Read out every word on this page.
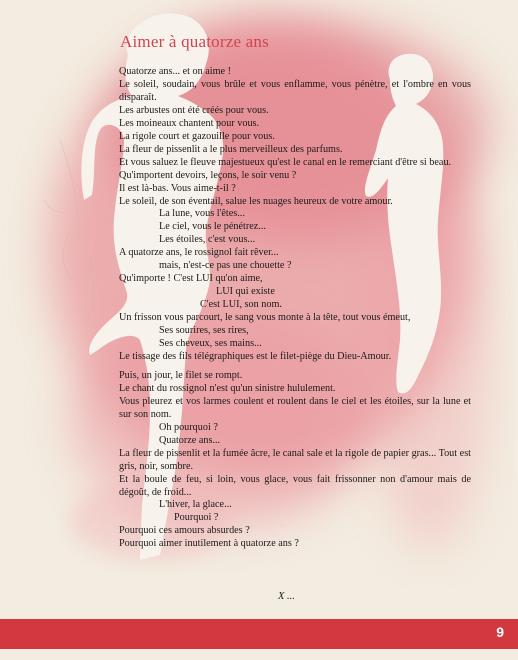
Aimer à quatorze ans
Quatorze ans... et on aime !
Le soleil, soudain, vous brûle et vous enflamme, vous pénètre, et l'ombre en vous disparaît.
Les arbustes ont été créés pour vous.
Les moineaux chantent pour vous.
La rigole court et gazouille pour vous.
La fleur de pissenlit a le plus merveilleux des parfums.
Et vous saluez le fleuve majestueux qu'est le canal en le remerciant d'être si beau.
Qu'importent devoirs, leçons, le soir venu ?
Il est là-bas. Vous aime-t-il ?
Le soleil, de son éventail, salue les nuages heureux de votre amour.
La lune, vous l'êtes...
Le ciel, vous le pénétrez...
Les étoiles, c'est vous...
A quatorze ans, le rossignol fait rêver...
mais, n'est-ce pas une chouette ?
Qu'importe ! C'est LUI qu'on aime,
LUI qui existe
C'est LUI, son nom.
Un frisson vous parcourt, le sang vous monte à la tête, tout vous émeut,
Ses sourires, ses rires,
Ses cheveux, ses mains...
Le tissage des fils télégraphiques est le filet-piège du Dieu-Amour.
Puis, un jour, le filet se rompt.
Le chant du rossignol n'est qu'un sinistre hululement.
Vous pleurez et vos larmes coulent et roulent dans le ciel et les étoiles, sur la lune et sur son nom.
Oh pourquoi ?
Quatorze ans...
La fleur de pissenlit et la fumée âcre, le canal sale et la rigole de papier gras... Tout est gris, noir, sombre.
Et la boule de feu, si loin, vous glace, vous fait frissonner non d'amour mais de dégoût, de froid...
L'hiver, la glace...
Pourquoi ?
Pourquoi ces amours absurdes ?
Pourquoi aimer inutilement à quatorze ans ?
X ...
9
